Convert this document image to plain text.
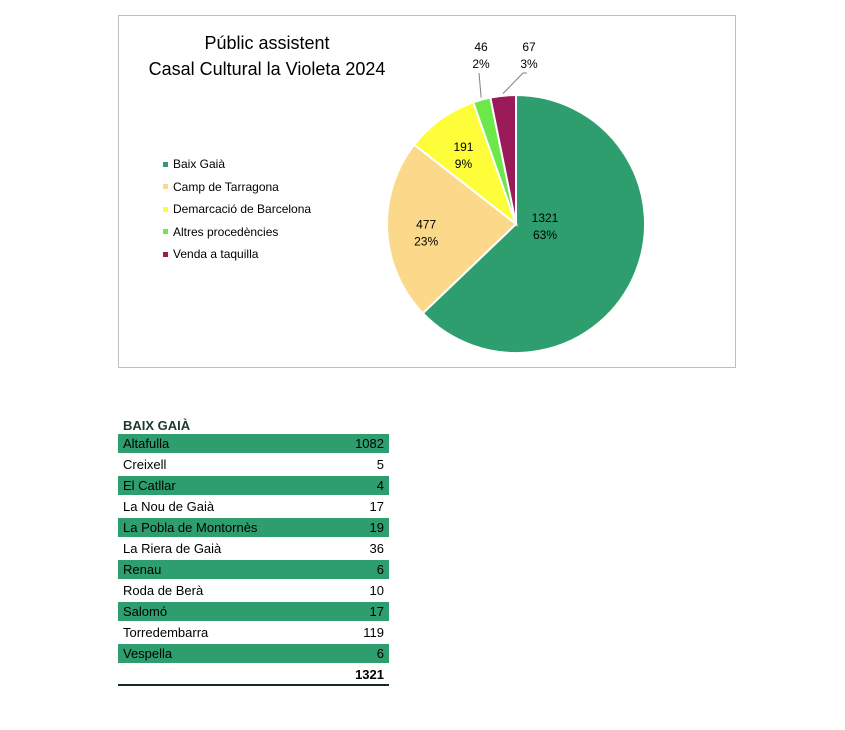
Públic assistent
Casal Cultural la Violeta 2024
1321
63%
477
23%
191
9%
46
2%
67
3%
Baix Gaià
Camp de Tarragona
Demarcació de Barcelona
Altres procedències
Venda a taquilla
BAIX GAIÀ
Altafulla	1082
Creixell	5
El Catllar	4
La Nou de Gaià	17
La Pobla de Montornès	19
La Riera de Gaià	36
Renau	6
Roda de Berà	10
Salomó	17
Torredembarra	119
Vespella	6
1321
